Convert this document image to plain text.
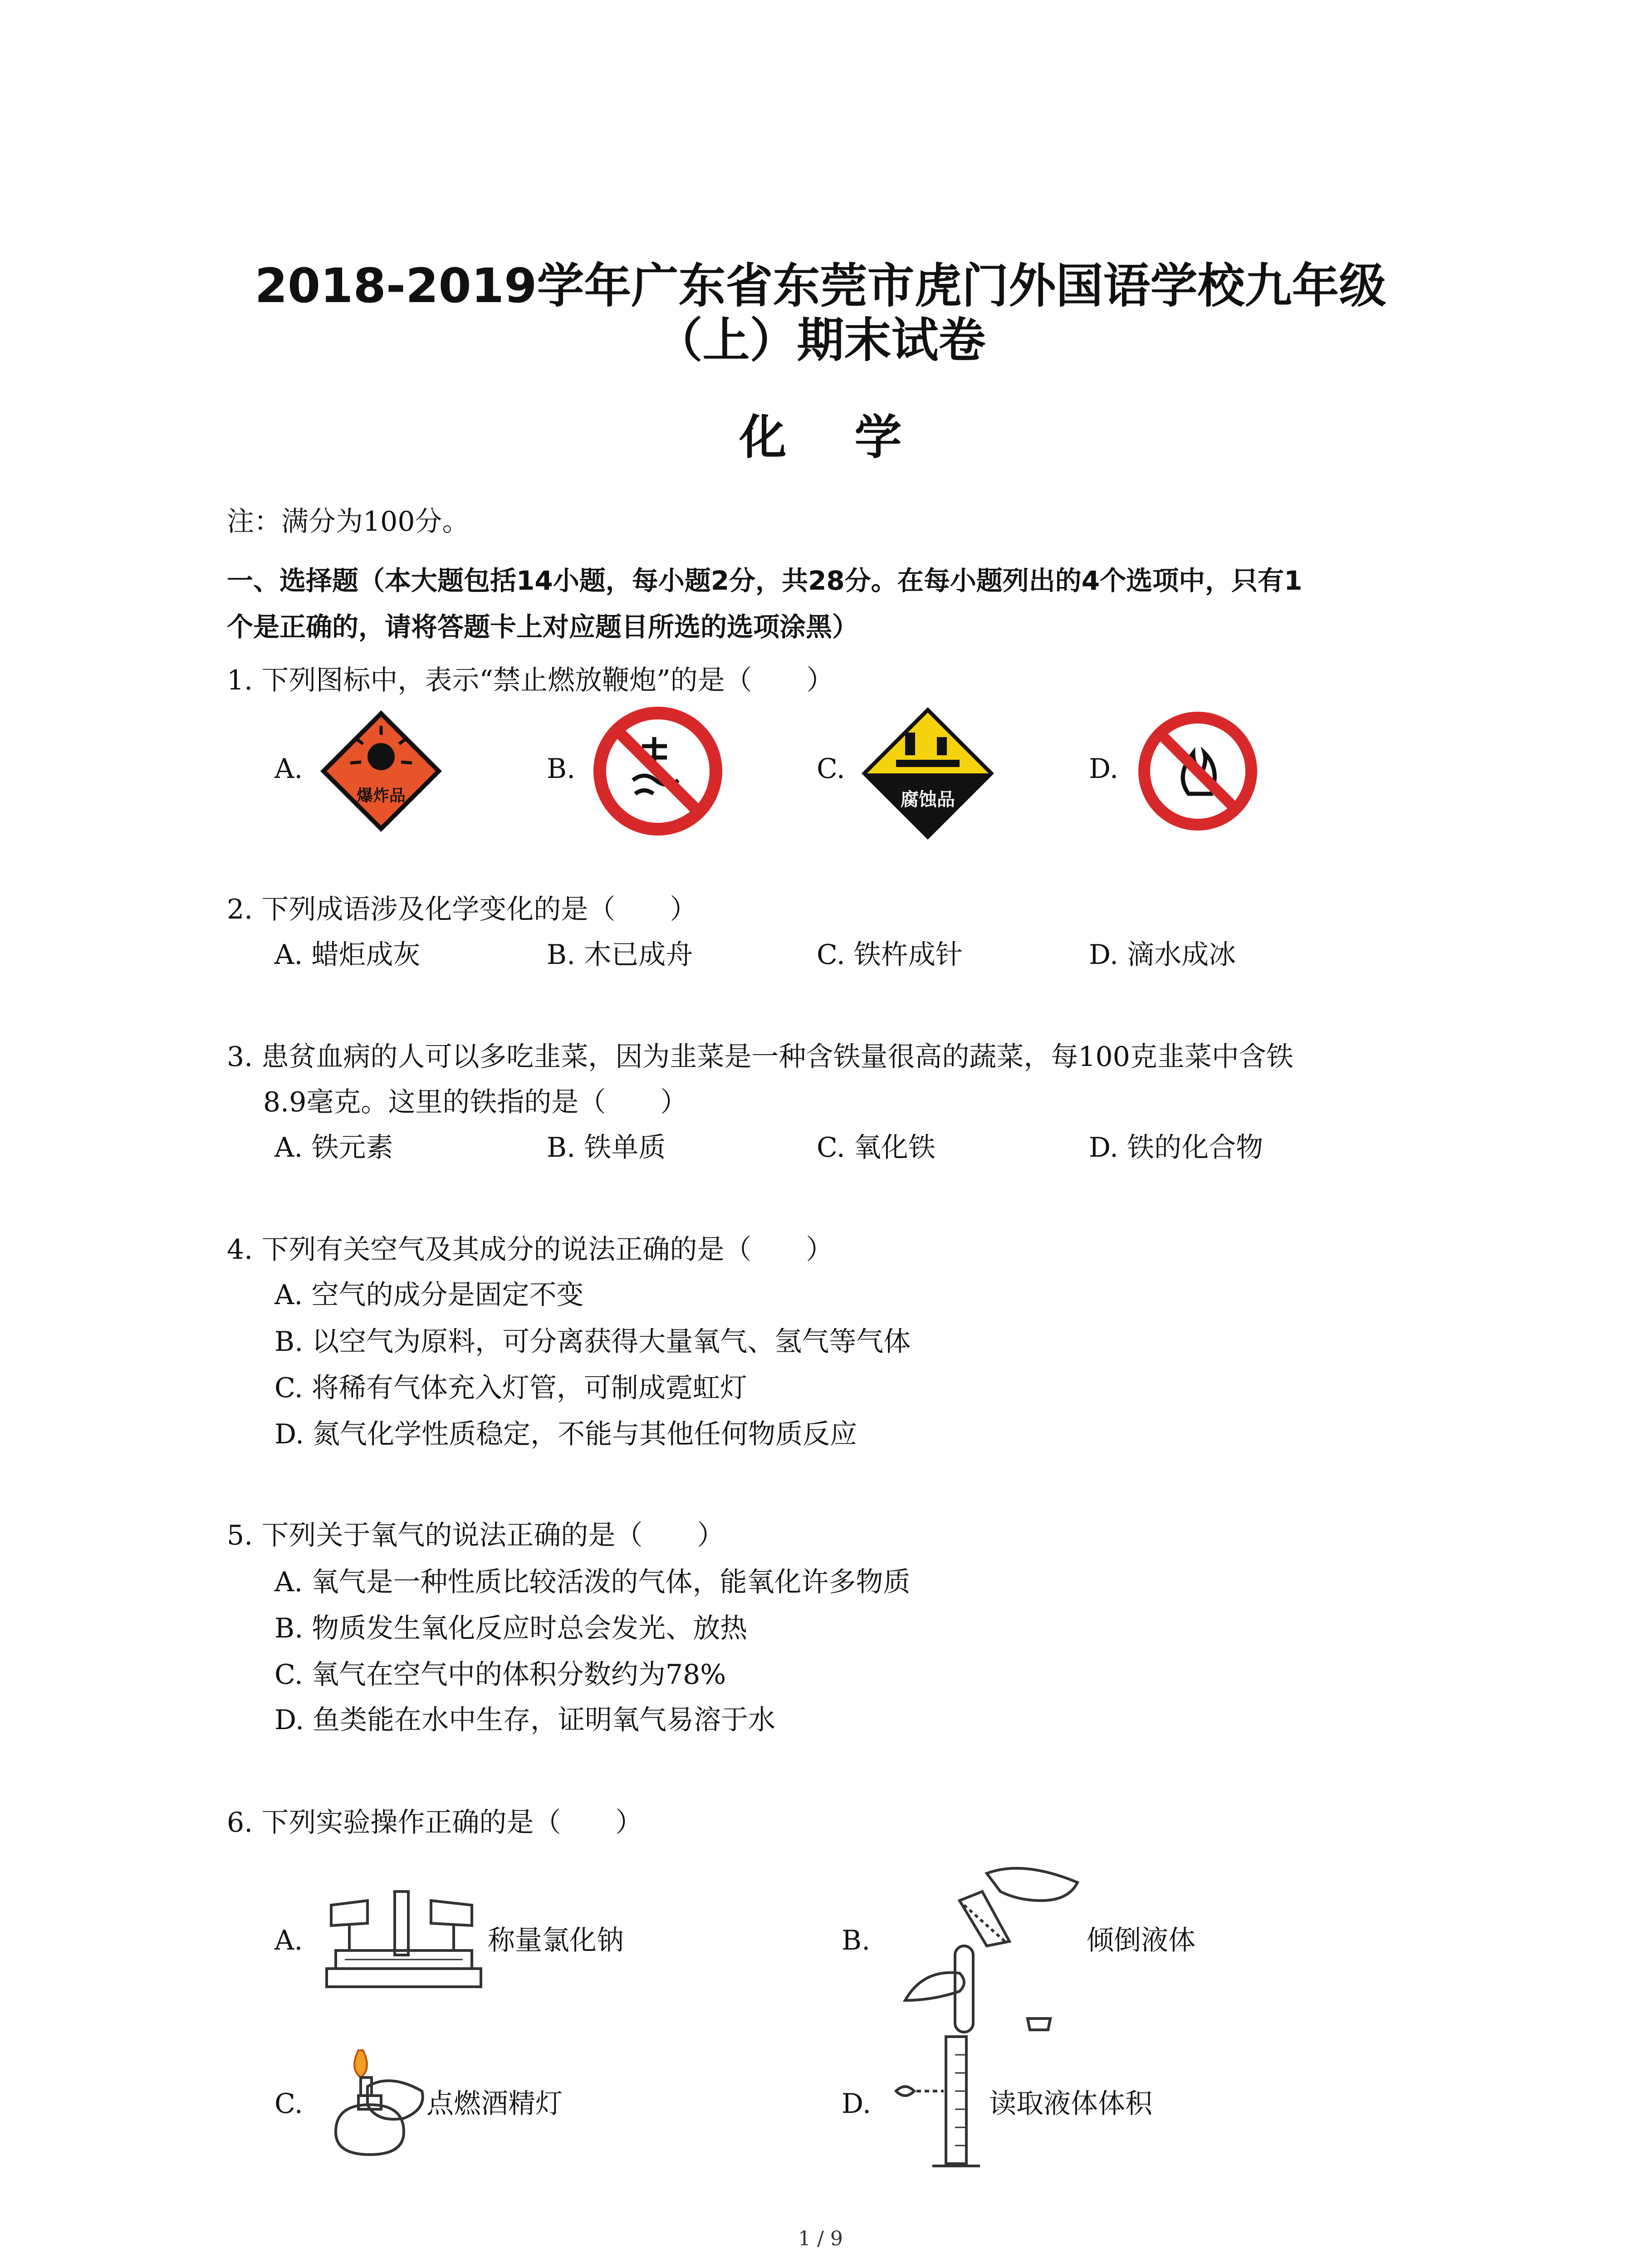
2018-2019学年广东省东莞市虎门外国语学校九年级
（上）期末试卷
化学
注：满分为100分。
一、选择题（本大题包括14小题，每小题2分，共28分。在每小题列出的4个选项中，只有1
个是正确的，请将答题卡上对应题目所选的选项涂黑）
1. 下列图标中，表示“禁止燃放鞭炮”的是（　　）
A.
爆炸品
B.	C.
腐蚀品
D.
2. 下列成语涉及化学变化的是（　　）
A. 蜡炬成灰	B. 木已成舟	C. 铁杵成针	D. 滴水成冰
3. 患贫血病的人可以多吃韭菜，因为韭菜是一种含铁量很高的蔬菜，每100克韭菜中含铁
8.9毫克。这里的铁指的是（　　）
A. 铁元素	B. 铁单质	C. 氧化铁	D. 铁的化合物
4. 下列有关空气及其成分的说法正确的是（　　）
A. 空气的成分是固定不变
B. 以空气为原料，可分离获得大量氧气、氢气等气体
C. 将稀有气体充入灯管，可制成霓虹灯
D. 氮气化学性质稳定，不能与其他任何物质反应
5. 下列关于氧气的说法正确的是（　　）
A. 氧气是一种性质比较活泼的气体，能氧化许多物质
B. 物质发生氧化反应时总会发光、放热
C. 氧气在空气中的体积分数约为78%
D. 鱼类能在水中生存，证明氧气易溶于水
6. 下列实验操作正确的是（　　）
A.	称量氯化钠	B.	倾倒液体
C.	点燃酒精灯	D.	读取液体体积
1 / 9
